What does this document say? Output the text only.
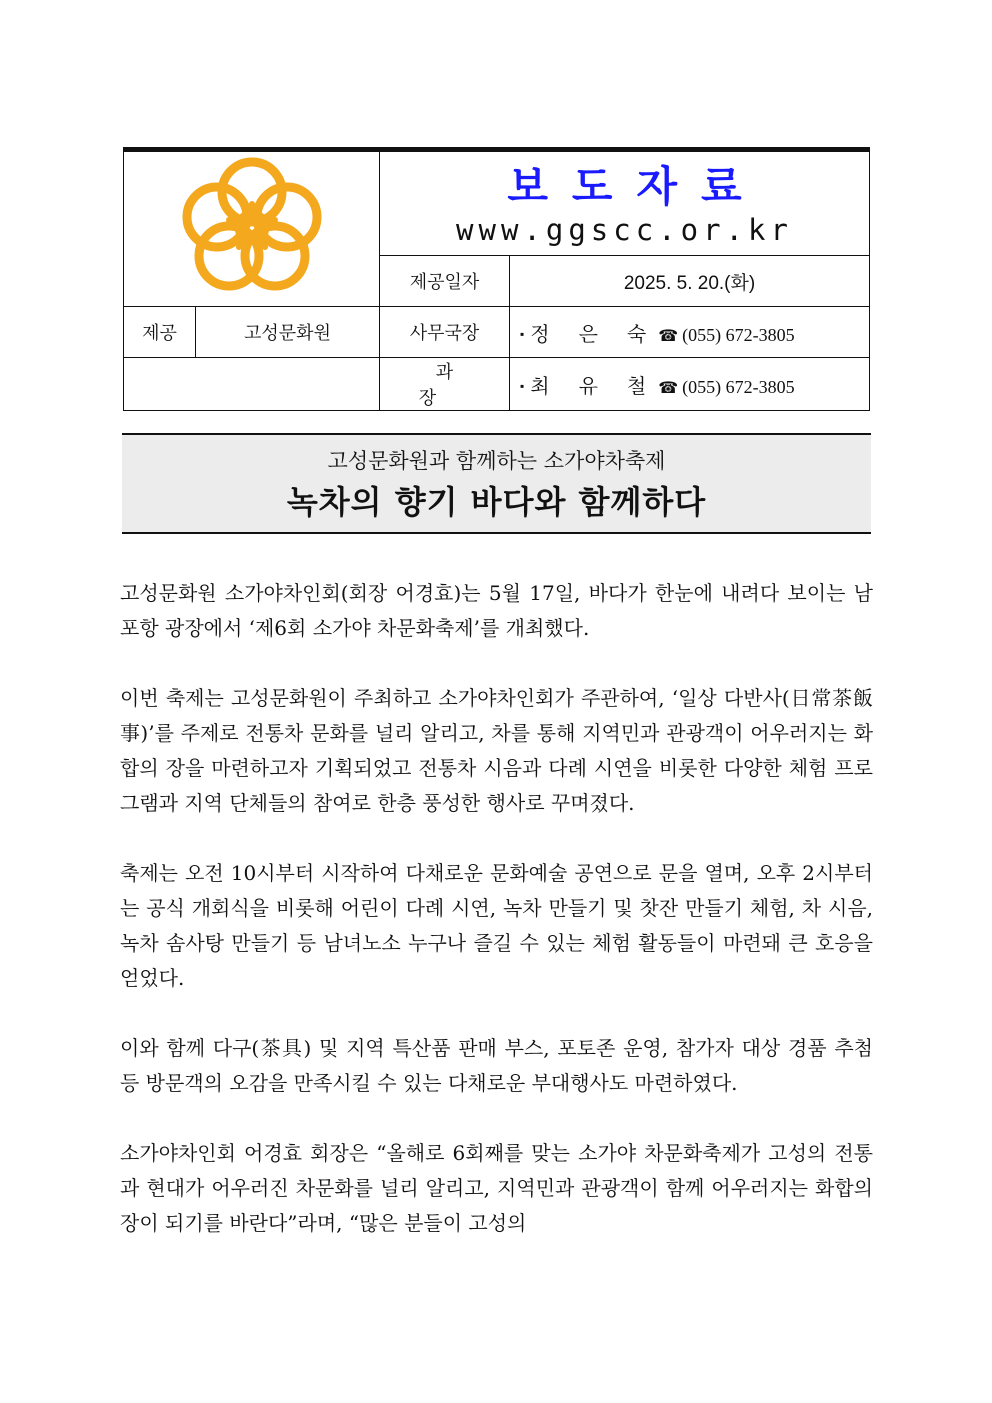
보도자료
www.ggscc.or.kr	

		제공일자	2025. 5. 20.(화)
제공	고성문화원	사무국장	▪ 정 은 숙☎ (055) 672-3805
		과 장	▪ 최 유 철☎ (055) 672-3805
고성문화원과 함께하는 소가야차축제
녹차의 향기 바다와 함께하다

고성문화원 소가야차인회(회장 어경효)는 5월 17일, 바다가 한눈에 내려다 보이는 남포항 광장에서 ‘제6회 소가야 차문화축제’를 개최했다.

이번 축제는 고성문화원이 주최하고 소가야차인회가 주관하여, ‘일상 다반사(日常茶飯事)’를 주제로 전통차 문화를 널리 알리고, 차를 통해 지역민과 관광객이 어우러지는 화합의 장을 마련하고자 기획되었고 전통차 시음과 다례 시연을 비롯한 다양한 체험 프로그램과 지역 단체들의 참여로 한층 풍성한 행사로 꾸며졌다.

축제는 오전 10시부터 시작하여 다채로운 문화예술 공연으로 문을 열며, 오후 2시부터는 공식 개회식을 비롯해 어린이 다례 시연, 녹차 만들기 및 찻잔 만들기 체험, 차 시음, 녹차 솜사탕 만들기 등 남녀노소 누구나 즐길 수 있는 체험 활동들이 마련돼 큰 호응을 얻었다.

이와 함께 다구(茶具) 및 지역 특산품 판매 부스, 포토존 운영, 참가자 대상 경품 추첨 등 방문객의 오감을 만족시킬 수 있는 다채로운 부대행사도 마련하였다.

소가야차인회 어경효 회장은 “올해로 6회째를 맞는 소가야 차문화축제가 고성의 전통과 현대가 어우러진 차문화를 널리 알리고, 지역민과 관광객이 함께 어우러지는 화합의 장이 되기를 바란다”라며, “많은 분들이 고성의
